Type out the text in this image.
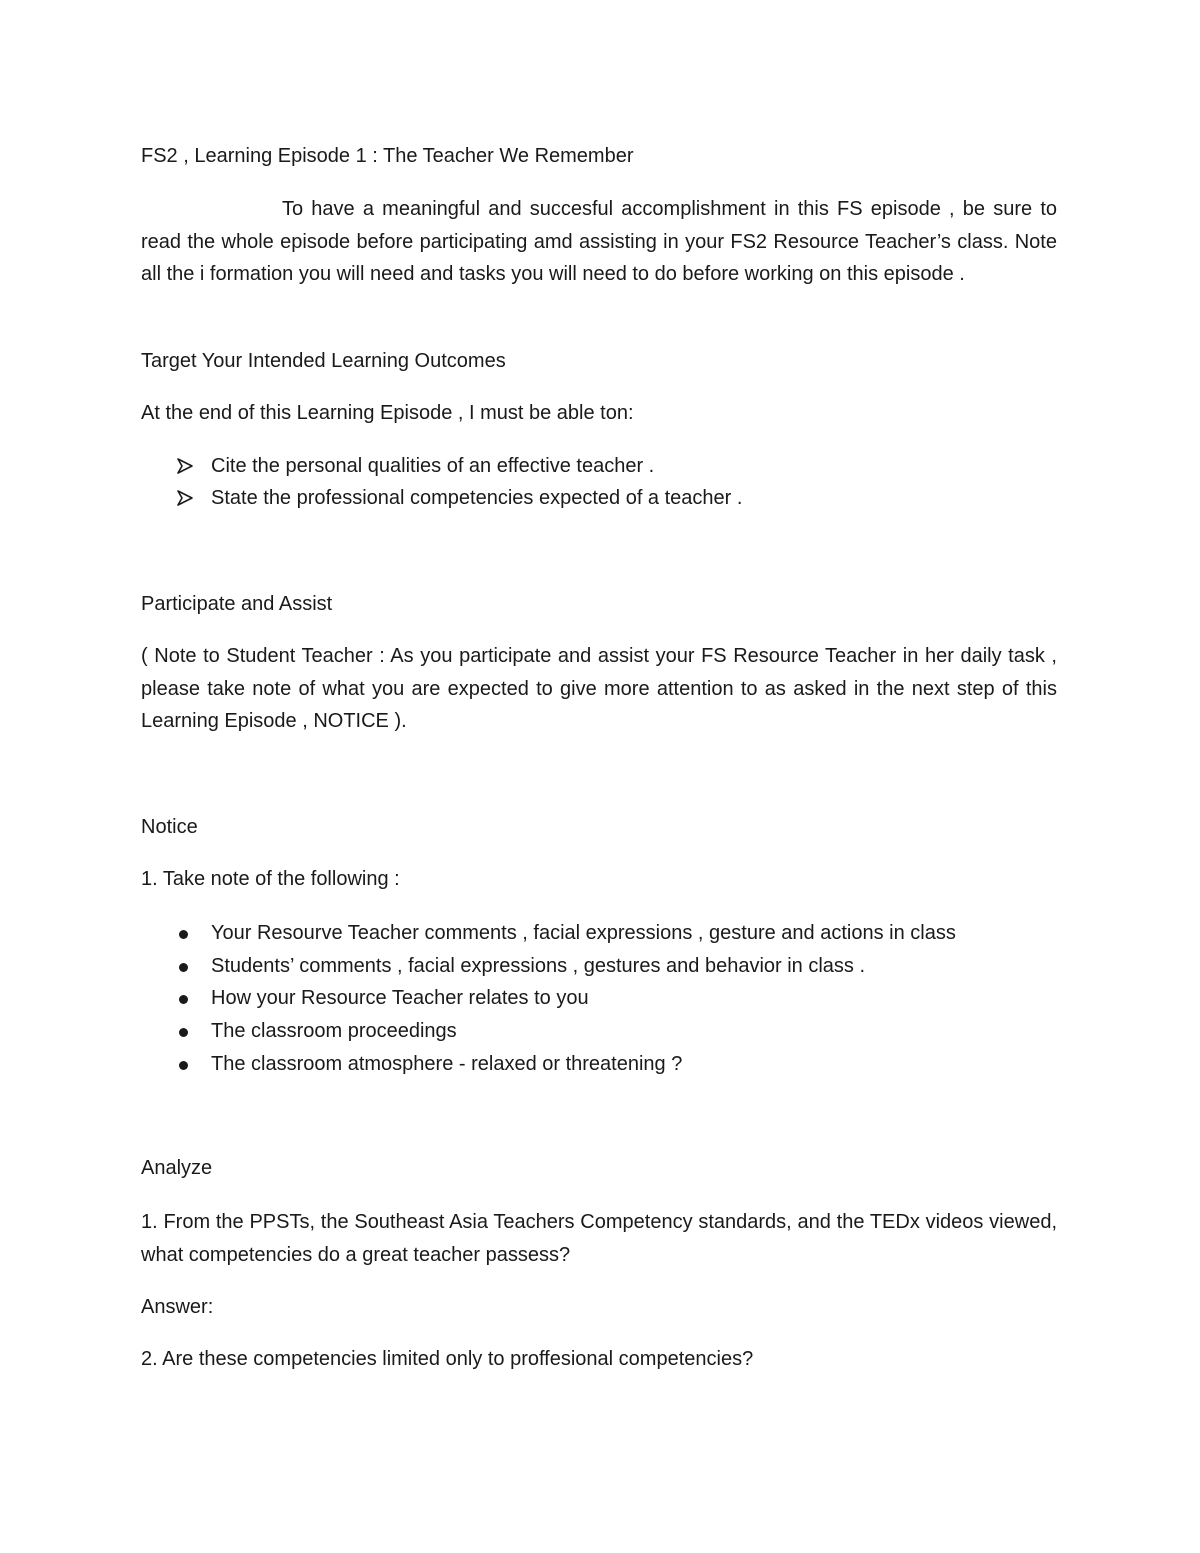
FS2 , Learning Episode 1 : The Teacher We Remember

To have a meaningful and succesful accomplishment in this FS episode , be sure to read the whole episode before participating amd assisting in your FS2 Resource Teacher’s class. Note all the i formation you will need and tasks you will need to do before working on this episode .

Target Your Intended Learning Outcomes

At the end of this Learning Episode , I must be able ton:

Cite the personal qualities of an effective teacher .
State the professional competencies expected of a teacher .

Participate and Assist

( Note to Student Teacher : As you participate and assist your FS Resource Teacher in her daily task , please take note of what you are expected to give more attention to as asked in the next step of this Learning Episode , NOTICE ).

Notice

1. Take note of the following :

Your Resourve Teacher comments , facial expressions , gesture and actions in class
Students’ comments , facial expressions , gestures and behavior in class .
How your Resource Teacher relates to you
The classroom proceedings
The classroom atmosphere - relaxed or threatening ?

Analyze

1. From the PPSTs, the Southeast Asia Teachers Competency standards, and the TEDx videos viewed, what competencies do a great teacher passess?

Answer:

2. Are these competencies limited only to proffesional competencies?
